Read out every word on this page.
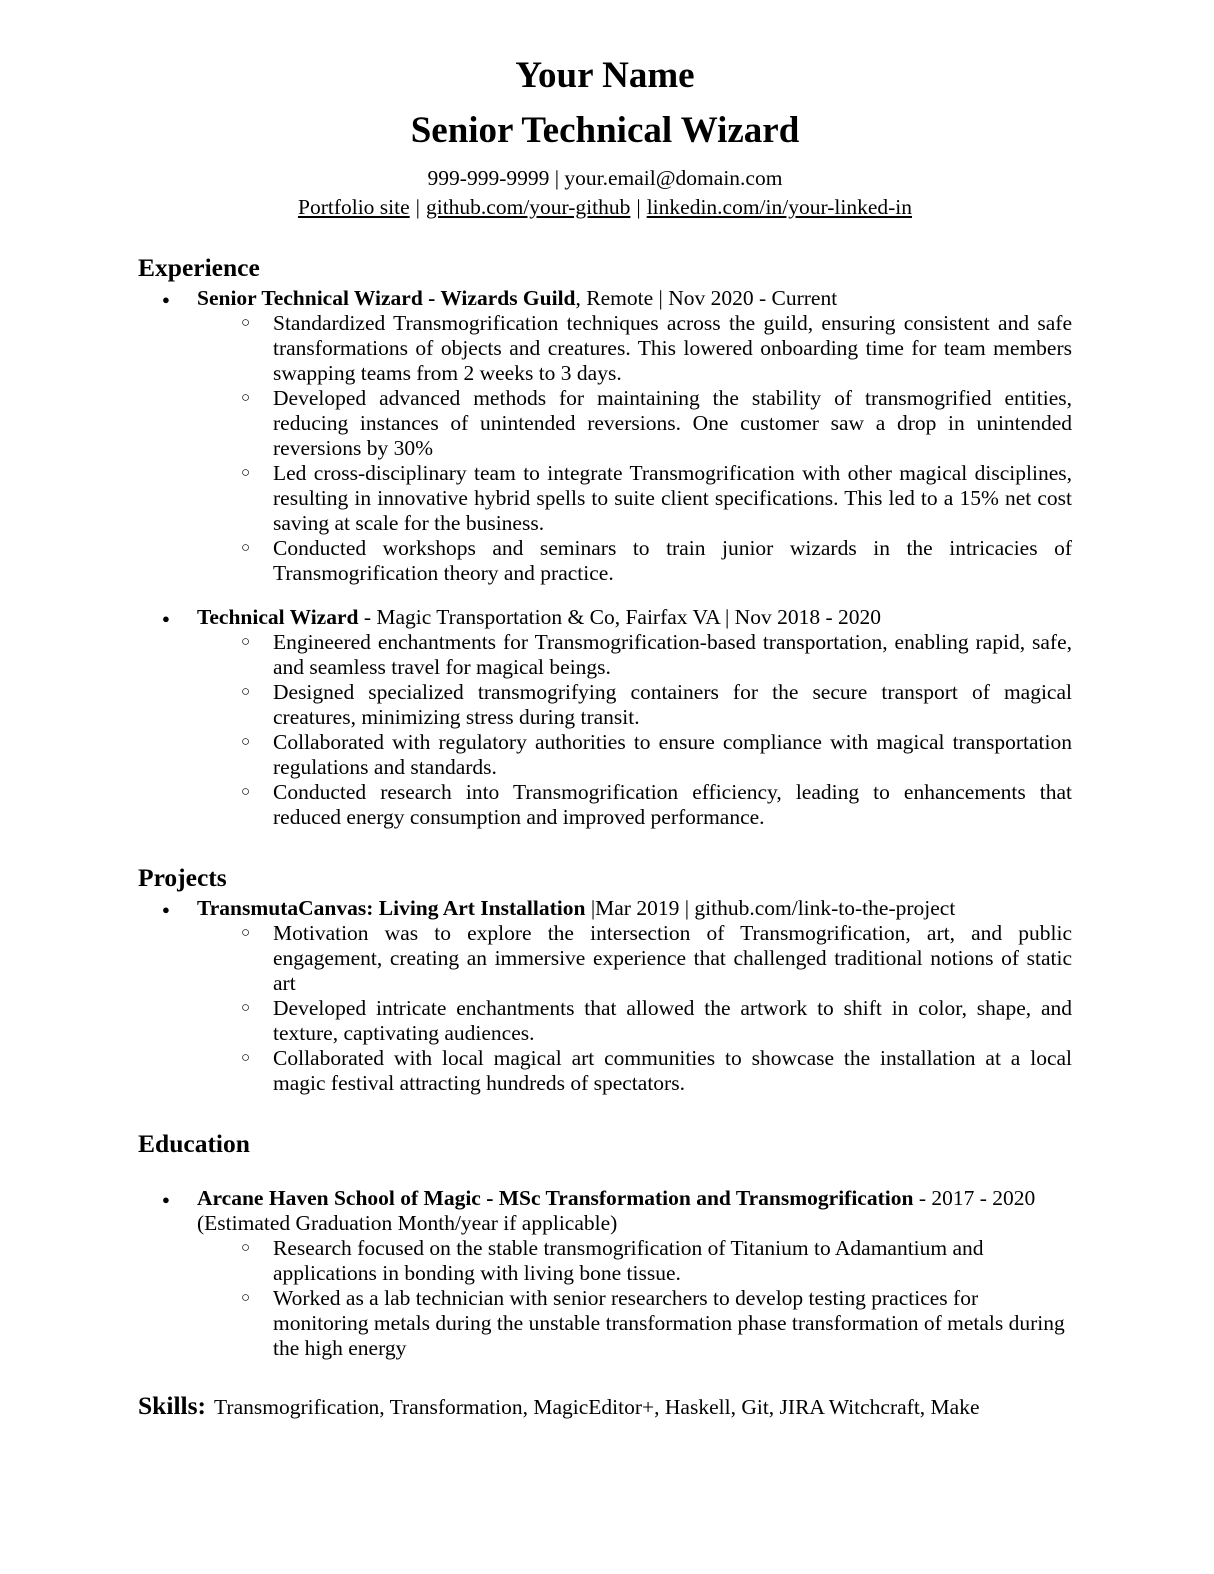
Your Name
Senior Technical Wizard
999-999-9999 | your.email@domain.com
Portfolio site | github.com/your-github | linkedin.com/in/your-linked-in
Experience
● Senior Technical Wizard - Wizards Guild, Remote | Nov 2020 - Current
○ Standardized Transmogrification techniques across the guild, ensuring consistent and safe transformations of objects and creatures. This lowered onboarding time for team members swapping teams from 2 weeks to 3 days.
○ Developed advanced methods for maintaining the stability of transmogrified entities, reducing instances of unintended reversions. One customer saw a drop in unintended reversions by 30%
○ Led cross-disciplinary team to integrate Transmogrification with other magical disciplines, resulting in innovative hybrid spells to suite client specifications. This led to a 15% net cost saving at scale for the business.
○ Conducted workshops and seminars to train junior wizards in the intricacies of Transmogrification theory and practice.
● Technical Wizard - Magic Transportation & Co, Fairfax VA | Nov 2018 - 2020
○ Engineered enchantments for Transmogrification-based transportation, enabling rapid, safe, and seamless travel for magical beings.
○ Designed specialized transmogrifying containers for the secure transport of magical creatures, minimizing stress during transit.
○ Collaborated with regulatory authorities to ensure compliance with magical transportation regulations and standards.
○ Conducted research into Transmogrification efficiency, leading to enhancements that reduced energy consumption and improved performance.
Projects
● TransmutaCanvas: Living Art Installation |Mar 2019 | github.com/link-to-the-project
○ Motivation was to explore the intersection of Transmogrification, art, and public engagement, creating an immersive experience that challenged traditional notions of static art
○ Developed intricate enchantments that allowed the artwork to shift in color, shape, and texture, captivating audiences.
○ Collaborated with local magical art communities to showcase the installation at a local magic festival attracting hundreds of spectators.
Education
● Arcane Haven School of Magic - MSc Transformation and Transmogrification - 2017 - 2020
(Estimated Graduation Month/year if applicable)
○ Research focused on the stable transmogrification of Titanium to Adamantium and applications in bonding with living bone tissue.
○ Worked as a lab technician with senior researchers to develop testing practices for monitoring metals during the unstable transformation phase transformation of metals during the high energy
Skills: Transmogrification, Transformation, MagicEditor+, Haskell, Git, JIRA Witchcraft, Make
